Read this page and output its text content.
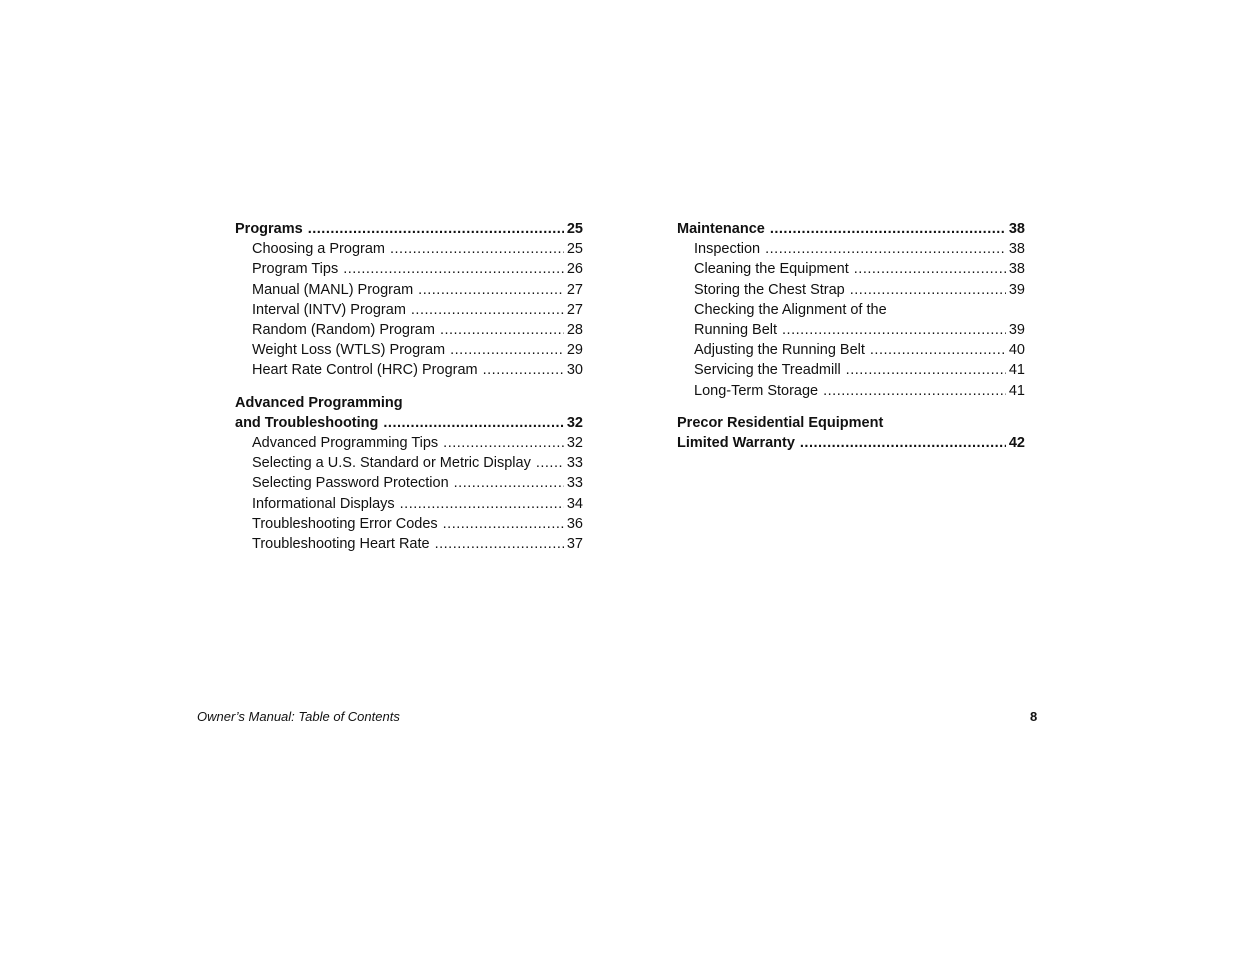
Programs .....	25
Choosing a Program .....	25
Program Tips .....	26
Manual (MANL) Program .....	27
Interval (INTV) Program .....	27
Random (Random) Program .....	28
Weight Loss (WTLS) Program .....	29
Heart Rate Control (HRC) Program .....	30
Advanced Programming
and Troubleshooting .....	32
Advanced Programming Tips .....	32
Selecting a U.S. Standard or Metric Display ..... 33
Selecting Password Protection .....	33
Informational Displays .....	34
Troubleshooting Error Codes .....	36
Troubleshooting Heart Rate .....	37
Maintenance .....	38
Inspection .....	38
Cleaning the Equipment .....	38
Storing the Chest Strap .....	39
Checking the Alignment of the
Running Belt .....	39
Adjusting the Running Belt .....	40
Servicing the Treadmill .....	41
Long-Term Storage .....	41
Precor Residential Equipment
Limited Warranty .....	42
Owner’s Manual: Table of Contents	8
